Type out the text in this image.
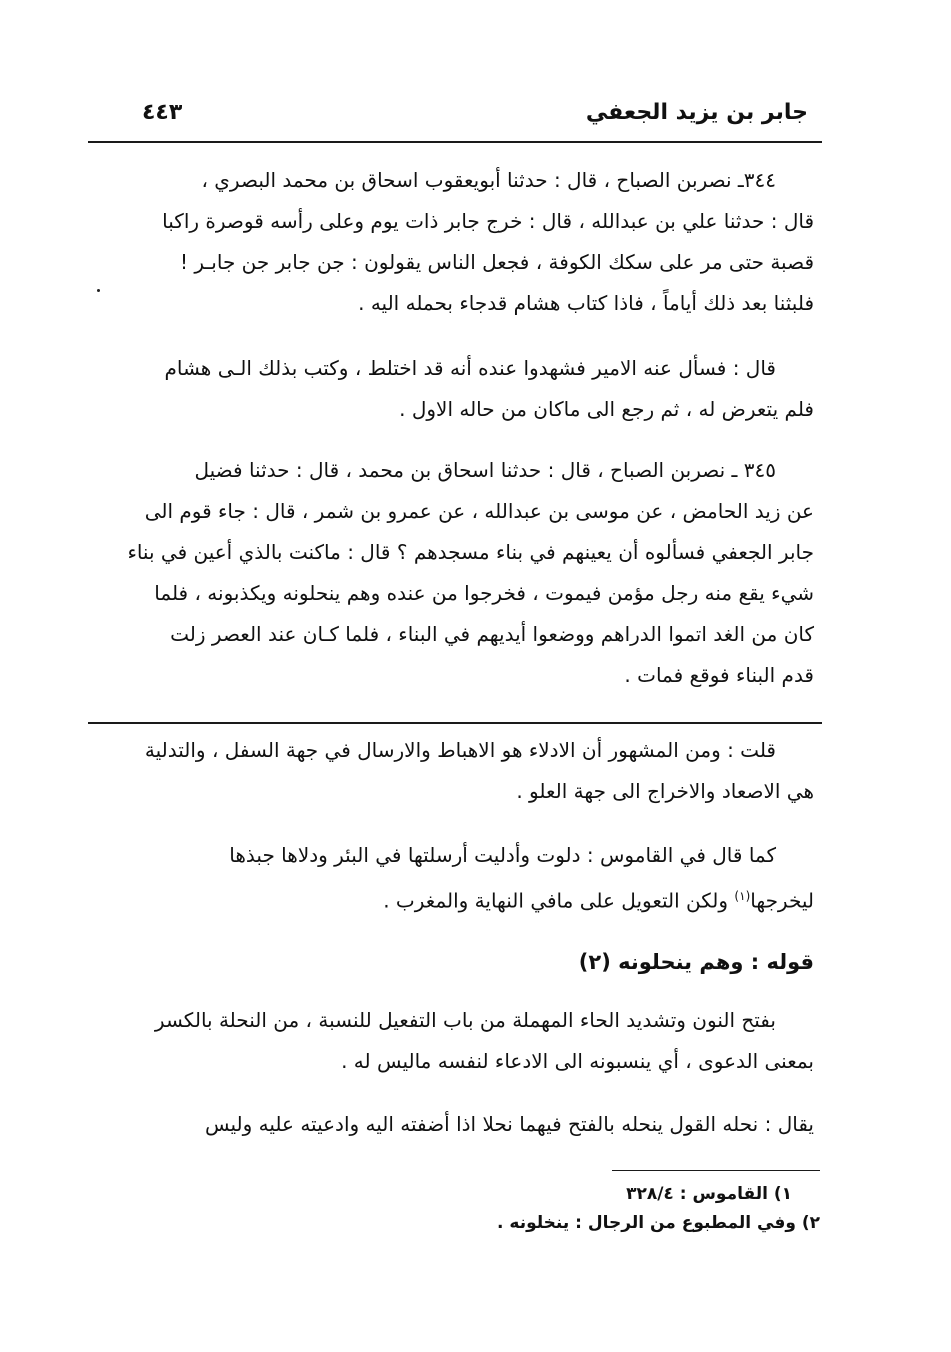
جابر بن يزيد الجعفي
٤٤٣

٣٤٤ـ نصربن الصباح ، قال : حدثنا أبويعقوب اسحاق بن محمد البصري ،

قال : حدثنا علي بن عبدالله ، قال : خرج جابر ذات يوم وعلى رأسه قوصرة راكبا

قصبة حتى مر على سكك الكوفة ، فجعل الناس يقولون : جن جابر جن جابـر !

فلبثنا بعد ذلك أياماً ، فاذا كتاب هشام قدجاء بحمله اليه .

قال : فسأل عنه الامير فشهدوا عنده أنه قد اختلط ، وكتب بذلك الـى هشام

فلم يتعرض له ، ثم رجع الى ماكان من حاله الاول .

٣٤٥ ـ نصربن الصباح ، قال : حدثنا اسحاق بن محمد ، قال : حدثنا فضيل

عن زيد الحامض ، عن موسى بن عبدالله ، عن عمرو بن شمر ، قال : جاء قوم الى

جابر الجعفي فسألوه أن يعينهم في بناء مسجدهم ؟ قال : ماكنت بالذي أعين في بناء

شيء يقع منه رجل مؤمن فيموت ، فخرجوا من عنده وهم ينحلونه ويكذبونه ، فلما

كان من الغد اتموا الدراهم ووضعوا أيديهم في البناء ، فلما كـان عند العصر زلت

قدم البناء فوقع فمات .

قلت : ومن المشهور أن الادلاء هو الاهباط والارسال في جهة السفل ، والتدلية

هي الاصعاد والاخراج الى جهة العلو .

كما قال في القاموس : دلوت وأدليت أرسلتها في البئر ودلاها جبذها

ليخرجها$^{(١)}$ ولكن التعويل على مافي النهاية والمغرب .

قوله : وهم ينحلونه (٢)

بفتح النون وتشديد الحاء المهملة من باب التفعيل للنسبة ، من النحلة بالكسر

بمعنى الدعوى ، أي ينسبونه الى الادعاء لنفسه ماليس له .

يقال : نحله القول ينحله بالفتح فيهما نحلا اذا أضفته اليه وادعيته عليه وليس

١) القاموس : ٣٢٨/٤
٢) وفي المطبوع من الرجال : ينخلونه .
